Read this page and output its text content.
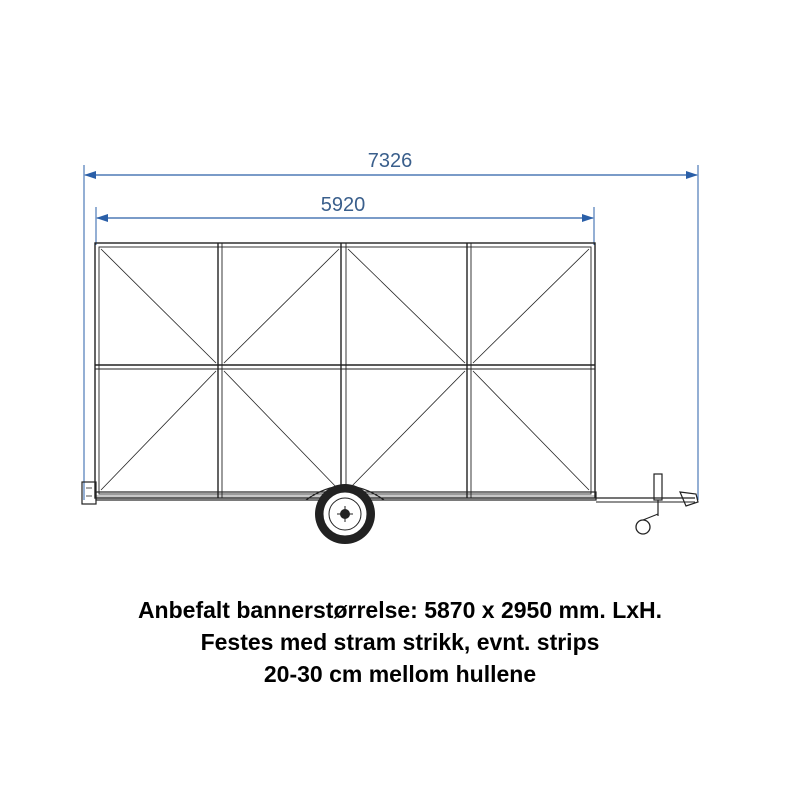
7326
5920
Anbefalt bannerstørrelse: 5870 x 2950 mm. LxH.
Festes med stram strikk, evnt. strips
20-30 cm mellom hullene
